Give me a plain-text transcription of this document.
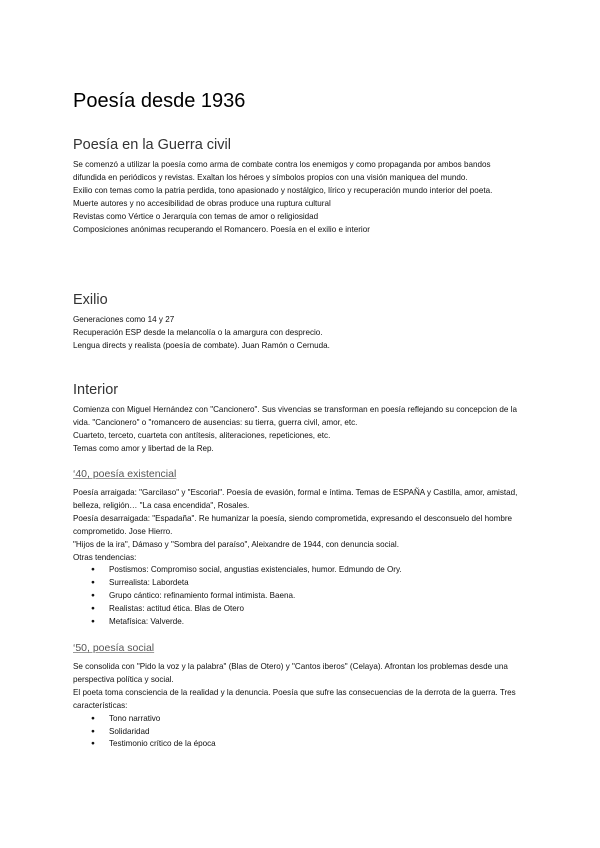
Poesía desde 1936
Poesía en la Guerra civil

Se comenzó a utilizar la poesía como arma de combate contra los enemigos y como propaganda por ambos bandos difundida en periódicos y revistas. Exaltan los héroes y símbolos propios con una visión maniquea del mundo.

Exilio con temas como la patria perdida, tono apasionado y nostálgico, lírico y recuperación mundo interior del poeta.

Muerte autores y no accesibilidad de obras produce una ruptura cultural

Revistas como Vértice o Jerarquía con temas de amor o religiosidad

Composiciones anónimas recuperando el Romancero. Poesía en el exilio e interior

Exilio

Generaciones como 14 y 27

Recuperación ESP desde la melancolía o la amargura con desprecio.

Lengua directs y realista (poesía de combate). Juan Ramón o Cernuda.

Interior

Comienza con Miguel Hernández con "Cancionero". Sus vivencias se transforman en poesía reflejando su concepcion de la vida. "Cancionero" o "romancero de ausencias: su tierra, guerra civil, amor, etc.

Cuarteto, terceto, cuarteta con antítesis, aliteraciones, repeticiones, etc.

Temas como amor y libertad de la Rep.

‘40, poesía existencial

Poesía arraigada: "Garcilaso" y "Escorial". Poesía de evasión, formal e íntima. Temas de ESPAÑA y Castilla, amor, amistad, belleza, religión… "La casa encendida", Rosales.

Poesía desarraigada: "Espadaña". Re humanizar la poesía, siendo comprometida, expresando el desconsuelo del hombre comprometido. Jose Hierro.

"Hijos de la ira", Dámaso y "Sombra del paraíso", Aleixandre de 1944, con denuncia social.

Otras tendencias:

● Postismos: Compromiso social, angustias existenciales, humor. Edmundo de Ory.
● Surrealista: Labordeta
● Grupo cántico: refinamiento formal intimista. Baena.
● Realistas: actitud ética. Blas de Otero
● Metafísica: Valverde.
‘50, poesía social

Se consolida con "Pido la voz y la palabra" (Blas de Otero) y "Cantos iberos" (Celaya). Afrontan los problemas desde una perspectiva política y social.

El poeta toma consciencia de la realidad y la denuncia. Poesía que sufre las consecuencias de la derrota de la guerra. Tres características:

● Tono narrativo
● Solidaridad
● Testimonio crítico de la época
